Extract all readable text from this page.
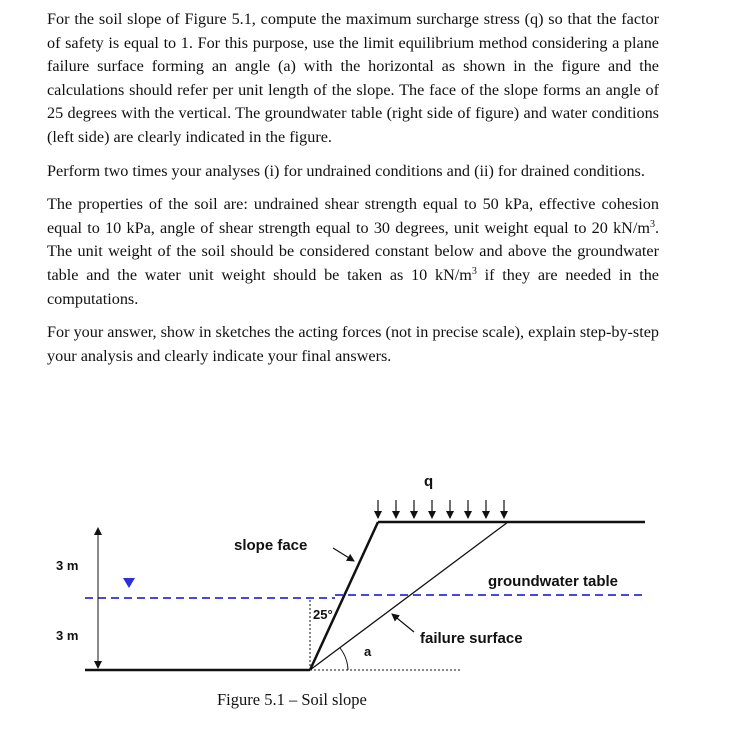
For the soil slope of Figure 5.1, compute the maximum surcharge stress (q) so that the factor of safety is equal to 1. For this purpose, use the limit equilibrium method considering a plane failure surface forming an angle (a) with the horizontal as shown in the figure and the calculations should refer per unit length of the slope. The face of the slope forms an angle of 25 degrees with the vertical. The groundwater table (right side of figure) and water conditions (left side) are clearly indicated in the figure.

Perform two times your analyses (i) for undrained conditions and (ii) for drained conditions.

The properties of the soil are: undrained shear strength equal to 50 kPa, effective cohesion equal to 10 kPa, angle of shear strength equal to 30 degrees, unit weight equal to 20 $kN/m^3$. The unit weight of the soil should be considered constant below and above the groundwater table and the water unit weight should be taken as 10 $kN/m^3$ if they are needed in the computations.

For your answer, show in sketches the acting forces (not in precise scale), explain step-by-step your analysis and clearly indicate your final answers.

3 m
3 m
q
slope face
groundwater table
failure surface
25°
a
Figure 5.1 – Soil slope
